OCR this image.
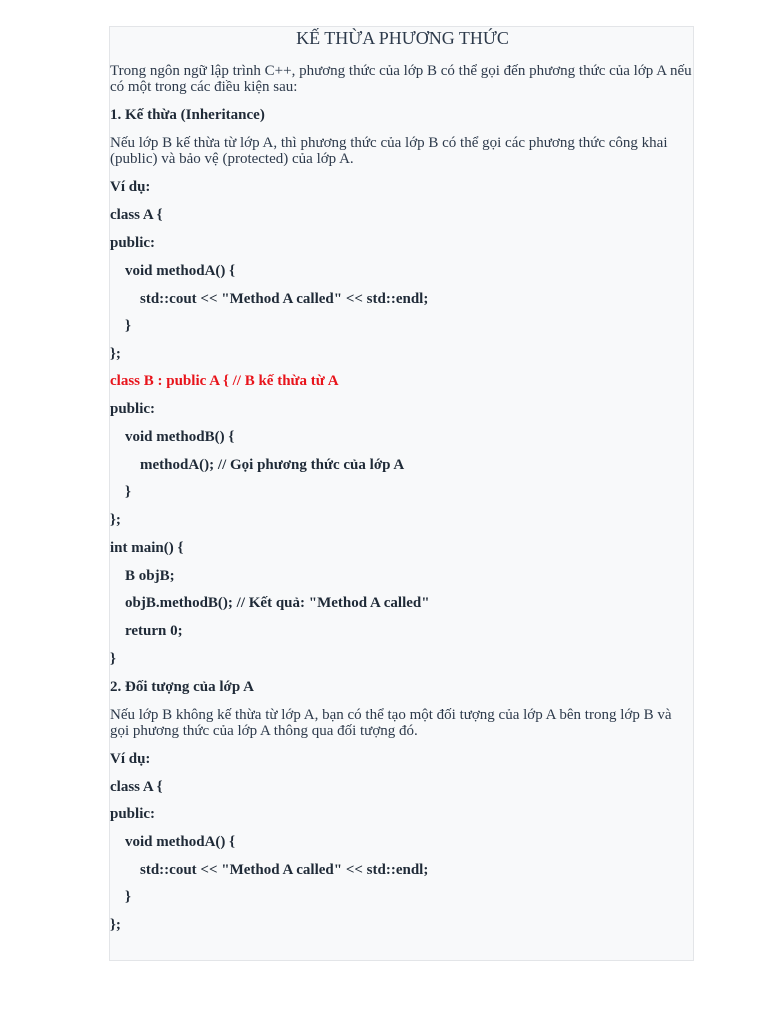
KẾ THỪA PHƯƠNG THỨC

Trong ngôn ngữ lập trình C++, phương thức của lớp B có thể gọi đến phương thức của lớp A nếu có một trong các điều kiện sau:

1. Kế thừa (Inheritance)

Nếu lớp B kế thừa từ lớp A, thì phương thức của lớp B có thể gọi các phương thức công khai (public) và bảo vệ (protected) của lớp A.

Ví dụ:
class A {
public:
void methodA() {
std::cout << "Method A called" << std::endl;
}
};
class B : public A { // B kế thừa từ A
public:
void methodB() {
methodA(); // Gọi phương thức của lớp A
}
};
int main() {
B objB;
objB.methodB(); // Kết quả: "Method A called"
return 0;
}
2. Đối tượng của lớp A

Nếu lớp B không kế thừa từ lớp A, bạn có thể tạo một đối tượng của lớp A bên trong lớp B và gọi phương thức của lớp A thông qua đối tượng đó.

Ví dụ:
class A {
public:
void methodA() {
std::cout << "Method A called" << std::endl;
}
};
